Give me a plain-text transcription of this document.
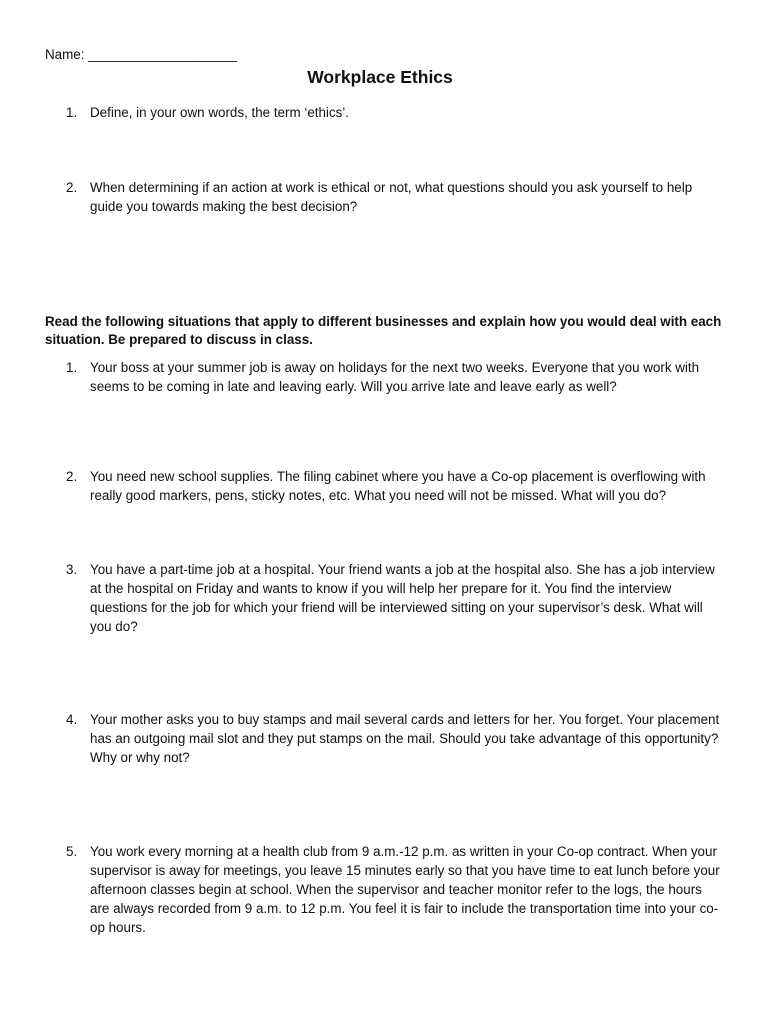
Name: ____________________
Workplace Ethics
1. Define, in your own words, the term ‘ethics’.
2. When determining if an action at work is ethical or not, what questions should you ask yourself to help guide you towards making the best decision?
Read the following situations that apply to different businesses and explain how you would deal with each situation. Be prepared to discuss in class.
1. Your boss at your summer job is away on holidays for the next two weeks. Everyone that you work with seems to be coming in late and leaving early. Will you arrive late and leave early as well?
2. You need new school supplies. The filing cabinet where you have a Co-op placement is overflowing with really good markers, pens, sticky notes, etc. What you need will not be missed. What will you do?
3. You have a part-time job at a hospital. Your friend wants a job at the hospital also. She has a job interview at the hospital on Friday and wants to know if you will help her prepare for it. You find the interview questions for the job for which your friend will be interviewed sitting on your supervisor’s desk. What will you do?
4. Your mother asks you to buy stamps and mail several cards and letters for her. You forget. Your placement has an outgoing mail slot and they put stamps on the mail. Should you take advantage of this opportunity? Why or why not?
5. You work every morning at a health club from 9 a.m.-12 p.m. as written in your Co-op contract. When your supervisor is away for meetings, you leave 15 minutes early so that you have time to eat lunch before your afternoon classes begin at school. When the supervisor and teacher monitor refer to the logs, the hours are always recorded from 9 a.m. to 12 p.m. You feel it is fair to include the transportation time into your co-op hours.
